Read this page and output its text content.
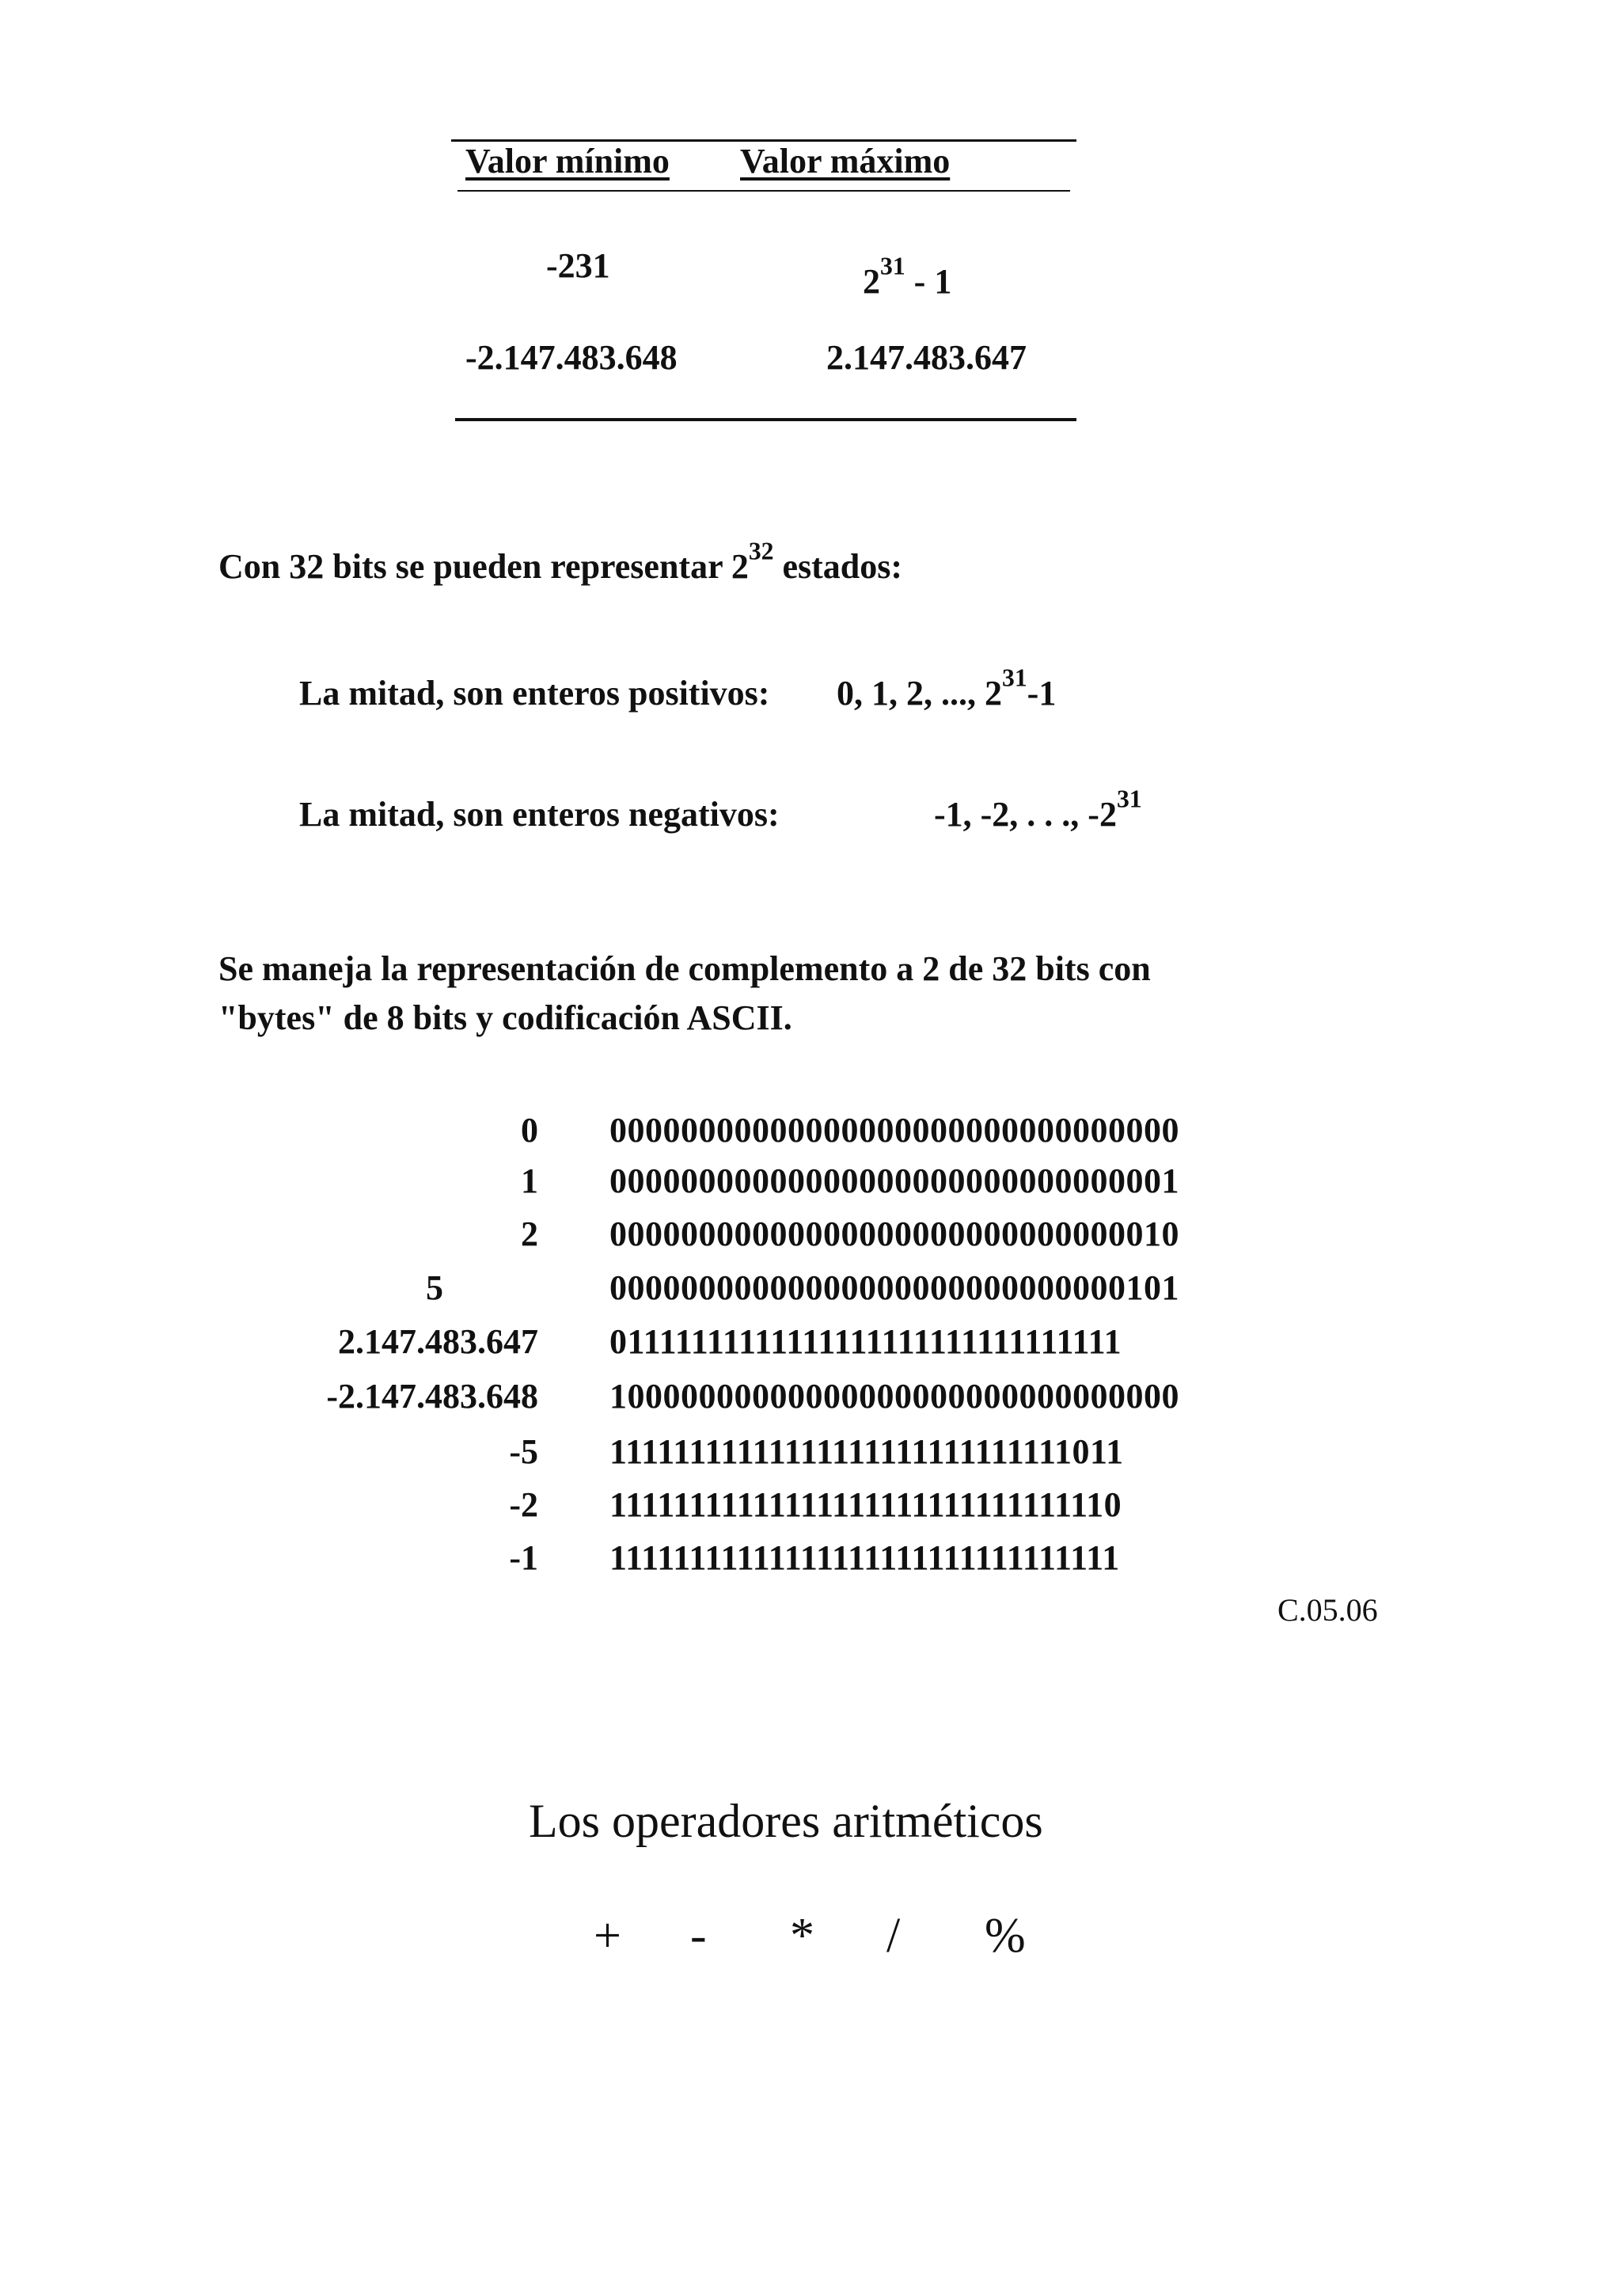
Valor mínimo Valor máximo
-231	$2^{31} - 1$
-2.147.483.648	2.147.483.647
Con 32 bits se pueden representar $2^{32}$ estados:
La mitad, son enteros positivos: 0, 1, 2, ..., $2^{31}-1$
La mitad, son enteros negativos:	-1, -2, . . ., $-2^{31}$
Se maneja la representación de complemento a 2 de 32 bits con
"bytes" de 8 bits y codificación ASCII.
0 00000000000000000000000000000000
1 00000000000000000000000000000001
2 00000000000000000000000000000010
5	00000000000000000000000000000101
2.147.483.647 01111111111111111111111111111111
-2.147.483.648 10000000000000000000000000000000
-5 11111111111111111111111111111011
-2 11111111111111111111111111111110
-1 11111111111111111111111111111111
C.05.06
Los operadores aritméticos
+ - * / %
